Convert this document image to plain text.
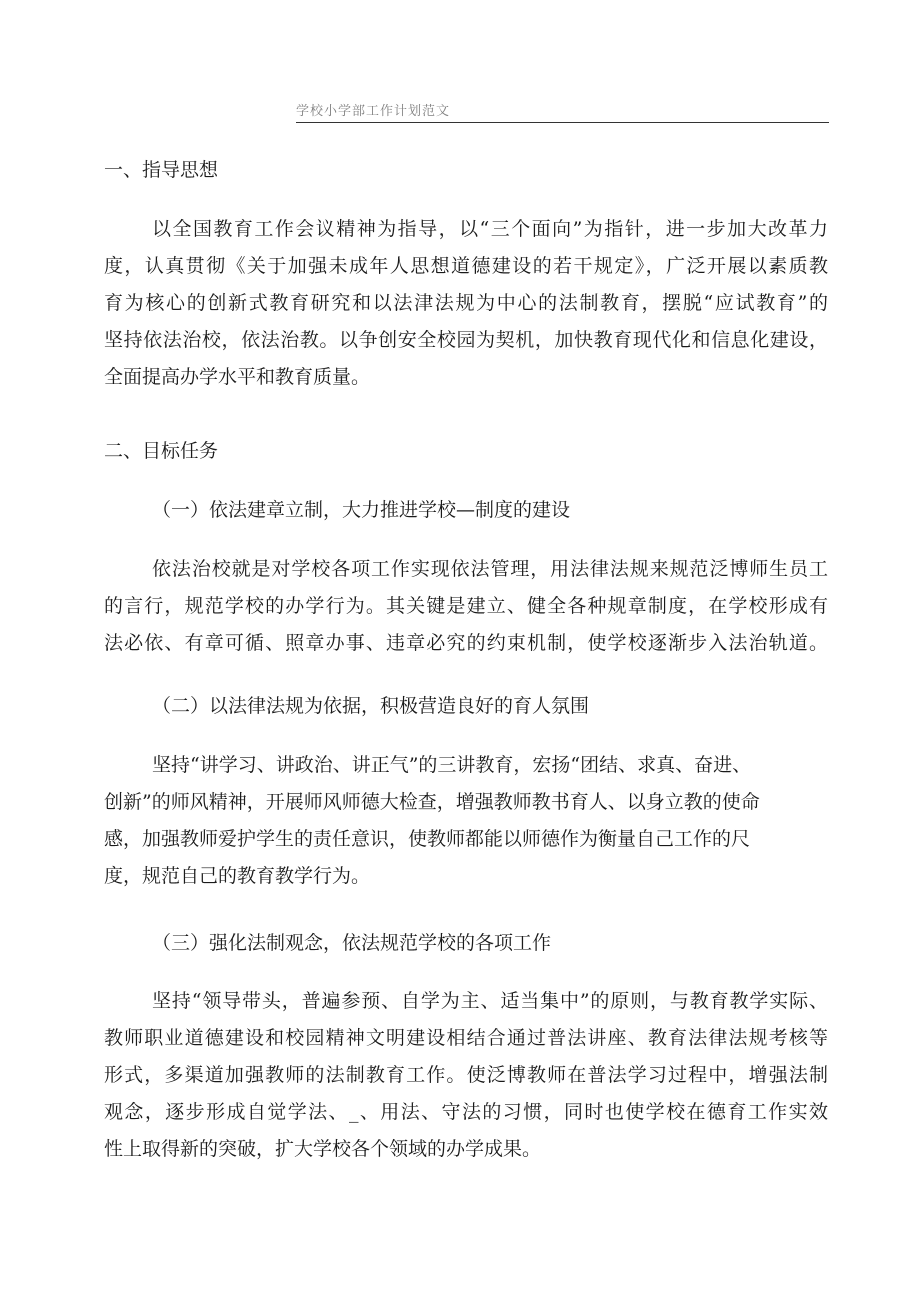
学校小学部工作计划范文
一、指导思想
以全国教育工作会议精神为指导，以“三个面向”为指针，进一步加大改革力
度，认真贯彻《关于加强未成年人思想道德建设的若干规定》，广泛开展以素质教
育为核心的创新式教育研究和以法津法规为中心的法制教育，摆脱“应试教育”的
坚持依法治校，依法治教。以争创安全校园为契机，加快教育现代化和信息化建设，
全面提高办学水平和教育质量。
二、目标任务
（一）依法建章立制，大力推进学校—制度的建设
依法治校就是对学校各项工作实现依法管理，用法律法规来规范泛博师生员工
的言行，规范学校的办学行为。其关键是建立、健全各种规章制度，在学校形成有
法必依、有章可循、照章办事、违章必究的约束机制，使学校逐渐步入法治轨道。
（二）以法律法规为依据，积极营造良好的育人氛围
坚持“讲学习、讲政治、讲正气”的三讲教育，宏扬“团结、求真、奋进、
创新”的师风精神，开展师风师德大检查，增强教师教书育人、以身立教的使命
感，加强教师爱护学生的责任意识，使教师都能以师德作为衡量自己工作的尺
度，规范自己的教育教学行为。
（三）强化法制观念，依法规范学校的各项工作
坚持“领导带头，普遍参预、自学为主、适当集中”的原则，与教育教学实际、
教师职业道德建设和校园精神文明建设相结合通过普法讲座、教育法律法规考核等
形式，多渠道加强教师的法制教育工作。使泛博教师在普法学习过程中，增强法制
观念，逐步形成自觉学法、_、用法、守法的习惯，同时也使学校在德育工作实效
性上取得新的突破，扩大学校各个领域的办学成果。
